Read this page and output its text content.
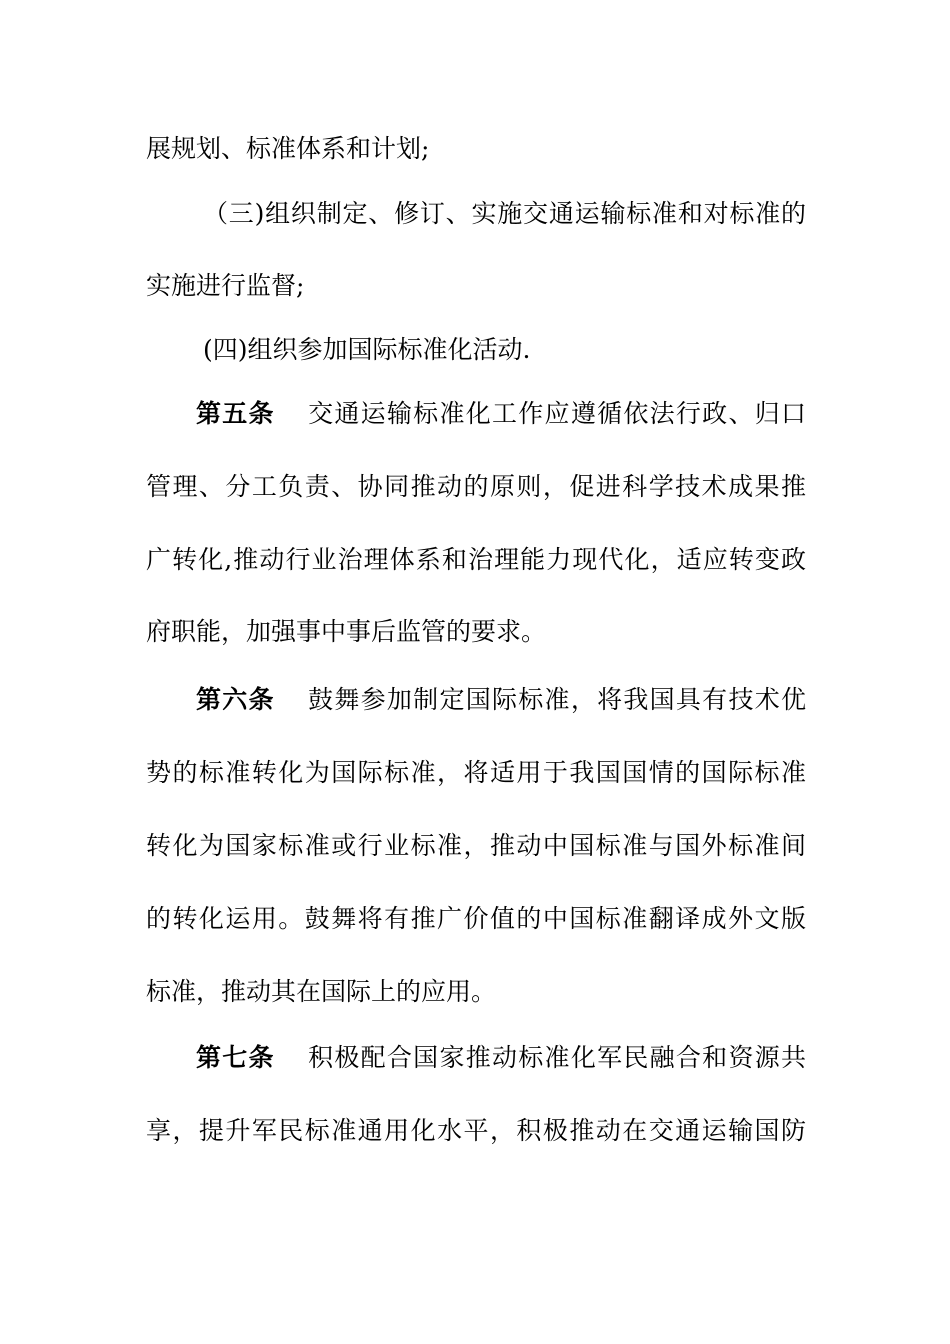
展规划、标准体系和计划;
（三)组织制定、修订、实施交通运输标准和对标准的
实施进行监督;
(四)组织参加国际标准化活动.
第五条 交通运输标准化工作应遵循依法行政、归口
管理、分工负责、协同推动的原则，促进科学技术成果推
广转化,推动行业治理体系和治理能力现代化，适应转变政
府职能，加强事中事后监管的要求。
第六条 鼓舞参加制定国际标准，将我国具有技术优
势的标准转化为国际标准，将适用于我国国情的国际标准
转化为国家标准或行业标准，推动中国标准与国外标准间
的转化运用。鼓舞将有推广价值的中国标准翻译成外文版
标准，推动其在国际上的应用。
第七条 积极配合国家推动标准化军民融合和资源共
享，提升军民标准通用化水平，积极推动在交通运输国防
